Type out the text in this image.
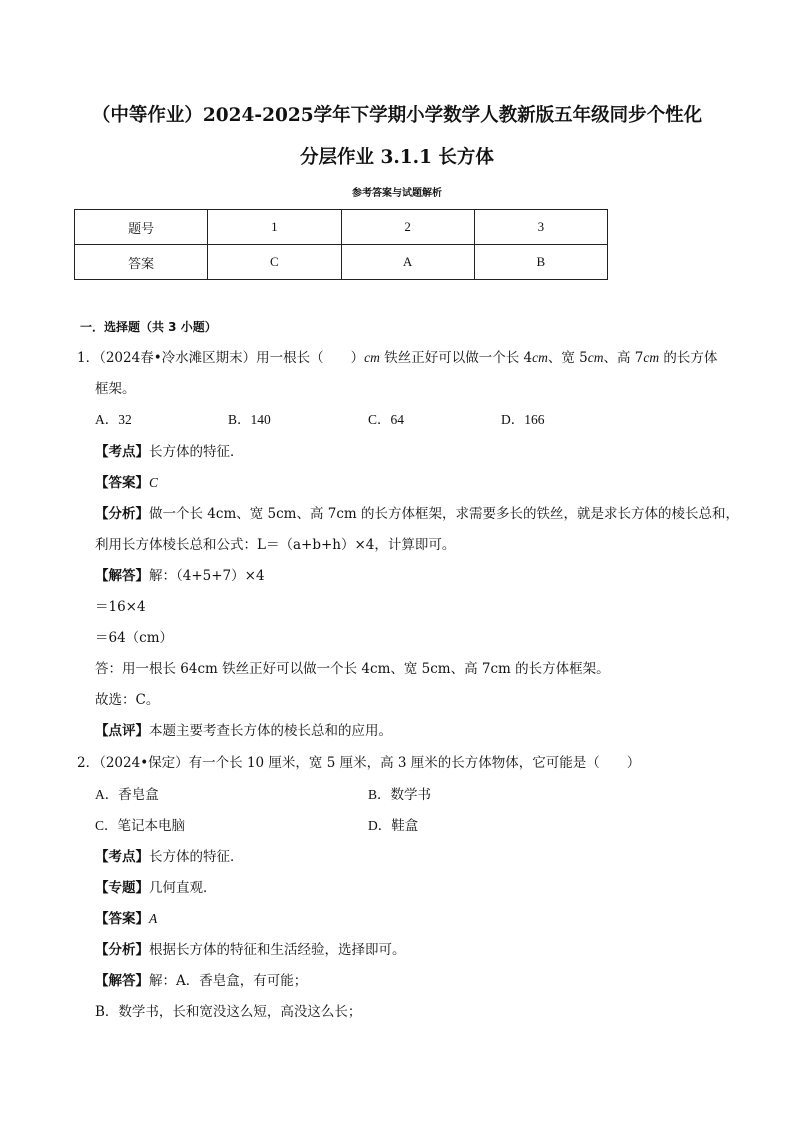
（中等作业）2024-2025学年下学期小学数学人教新版五年级同步个性化
分层作业 3.1.1 长方体
参考答案与试题解析
题号	1	2	3
答案	C	A	B
一．选择题（共 3 小题）
1．（2024春•冷水滩区期末）用一根长（　　）cm 铁丝正好可以做一个长 4cm、宽 5cm、高 7cm 的长方体
框架。
A．32	B．140	C．64	D．166
【考点】长方体的特征．
【答案】C
【分析】做一个长 4cm、宽 5cm、高 7cm 的长方体框架，求需要多长的铁丝，就是求长方体的棱长总和，
利用长方体棱长总和公式：L＝（a+b+h）×4，计算即可。
【解答】解：（4+5+7）×4
＝16×4
＝64（cm）
答：用一根长 64cm 铁丝正好可以做一个长 4cm、宽 5cm、高 7cm 的长方体框架。
故选：C。
【点评】本题主要考查长方体的棱长总和的应用。
2．（2024•保定）有一个长 10 厘米，宽 5 厘米，高 3 厘米的长方体物体，它可能是（　　）
A．香皂盒	B．数学书
C．笔记本电脑	D．鞋盒
【考点】长方体的特征．
【专题】几何直观．
【答案】A
【分析】根据长方体的特征和生活经验，选择即可。
【解答】解：A．香皂盒，有可能；
B．数学书，长和宽没这么短，高没这么长；
